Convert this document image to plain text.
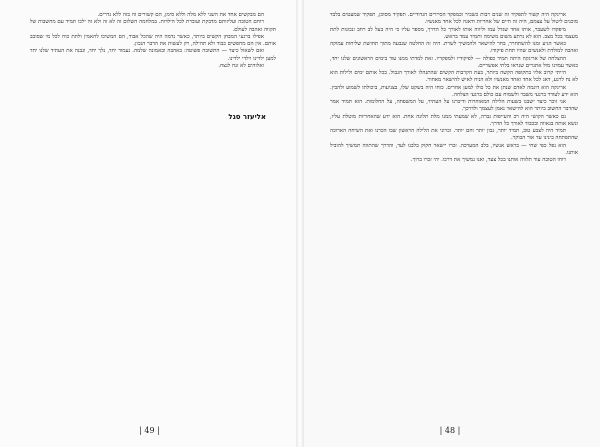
הם מבקשים אחד את השני ללא מלה וללא סימן, הם קשורים זה בזה ללא נדרים.

רוחם הטובה ועליזותם מדבקת ועוברת לכל הילדות. במלחמה השלום זה לא זה ולא זה ילכו תמיד עם מחשבות של תקווה ואהבה לעולם.

אפילו ברגעי המבחן הקשים ביותר, כאשר נדמה היה שהכל אבוד, הם המשיכו להאמין ולתת כוח לכל מי שסובב אותם. אין הם מחפשים כבוד ולא תהילה, רק לעשות את הדבר הנכון.

ואם לשאול כיצד — התשובה פשוטה: באהבה ובאמונה שלמה. נעמוד יחד, נלך יחד, ונבנה את העתיד שלנו יחד למען ילדינו וילדי ילדינו.

ואלוהים לא זנח לנצח.

אליעזר סגל
| 49 |

אריגקה היה קשור לתפקיד זה שנים רבות כשכיר וכמפקד הסיירים הגדודיים. תפקיד מסוכן, תפקיד שמעטים בלבד מוכנים ליטול על עצמם, היה זה חיים של אחריות ודאגה לכל אחד מאנשיו.

מיפקדו לשעבר, אותו אחד שגדל עמו וליווה אותו לאורך כל הדרך, מספר עליו כי היה בעל לב רחב ונכונות לתת מעצמו בכל מצב. הוא לא נרתע משום משימה ותמיד עמד בראש.

כאשר הגיע זמנו להשתחרר, בחר להישאר ולהמשיך לשרת. היה זה החלטה שנבעה מתוך תחושת שליחות עמוקה ואהבה למולדת ולאנשים שהיו תחת פיקודו.

ההצלחה של אריגקה היתה תמיד כפולה — לפיקודיו ולמפקדיו. זאת למדתי ממנו עוד בימים הראשונים שלנו יחד, כאשר עמדנו מול אתגרים שנראו בלתי אפשריים.

הייתי קרוב אליו בתקופה הקשה ביותר, בעת הקרבות הקשים שהתנהלו לאורך הגבול. בכל אותם ימים ולילות הוא לא נח לרגע, דאג לכל אחד ואחד מאנשיו ולא הניח לאיש להישאר מאחור.

אריגקה הוא דוגמה לאדם שנתן את כל כולו למען אחרים. כוחו היה בשקט שלו, בצניעות, ביכולתו לשמוע ולהבין. הוא ידע לעודד ברגעי משבר ולשמוח עם כולם ברגעי הצלחה.

אני זוכר כיצד ישבנו בשעות הלילה המאוחרות ודיברנו על העתיד, על המשפחה, על החלומות. הוא תמיד אמר שהדבר החשוב ביותר הוא להישאר נאמן לעצמך ולדרכך.

גם כאשר הקושי היה רב והעייפות גברה, לא שמעתי ממנו מלת תלונה אחת. הוא ידע שהאחריות מוטלת עליו, ונשא אותה בגאווה ובכבוד לאורך כל הדרך.

תמיד היה לצבע טוב, תמיד יותר, נכון יותר וחם יותר. זכרוני את הלילה הראשון שבו הכרנו ואת השיחה הארוכה שהתפתחה בינינו עד אור הבוקר.

הוא נפל כפי שחי — בראש אנשיו, בלב המערכה. זכרו יישאר חקוק בלבנו לעד, והדרך שהתווה תמשיך להוביל אותנו.

רוחו הטובה עוד תלווה אותנו בכל צעד, ואנו נמשיך את דרכו. יהי זכרו ברוך.

| 48 |
